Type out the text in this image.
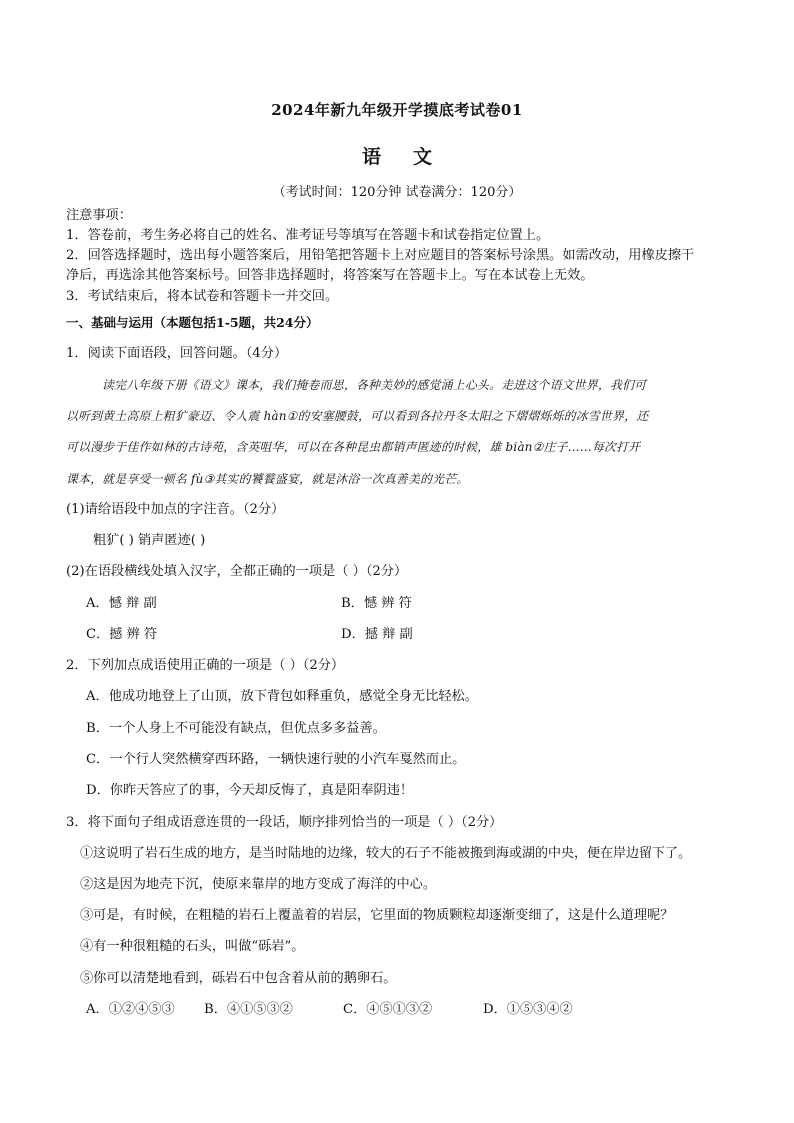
2024年新九年级开学摸底考试卷01
语文
（考试时间：120分钟 试卷满分：120分）
注意事项：
1．答卷前，考生务必将自己的姓名、准考证号等填写在答题卡和试卷指定位置上。
2．回答选择题时，选出每小题答案后，用铅笔把答题卡上对应题目的答案标号涂黑。如需改动，用橡皮擦干
净后，再选涂其他答案标号。回答非选择题时，将答案写在答题卡上。写在本试卷上无效。
3．考试结束后，将本试卷和答题卡一并交回。
一、基础与运用（本题包括1-5题，共24分）
1．阅读下面语段，回答问题。（4分）
读完八年级下册《语文》课本，我们掩卷而思，各种美妙的感觉涌上心头。走进这个语文世界，我们可
以听到黄土高原上粗犷豪迈、令人震 hàn①的安塞腰鼓，可以看到各拉丹冬太阳之下熠熠烁烁的冰雪世界，还
可以漫步于佳作如林的古诗苑，含英咀华，可以在各种昆虫都销声匿迹的时候，雄 biàn②庄子……每次打开
课本，就是享受一顿名 fù③其实的饕餮盛宴，就是沐浴一次真善美的光芒。
(1)请给语段中加点的字注音。（2分）
粗犷( ) 销声匿迹( )
(2)在语段横线处填入汉字，全都正确的一项是（ ）（2分）
A．憾 辩 副	B．憾 辨 符
C．撼 辨 符	D．撼 辩 副
2．下列加点成语使用正确的一项是（ ）（2分）
A．他成功地登上了山顶，放下背包如释重负，感觉全身无比轻松。
B．一个人身上不可能没有缺点，但优点多多益善。
C．一个行人突然横穿西环路，一辆快速行驶的小汽车戛然而止。
D．你昨天答应了的事，今天却反悔了，真是阳奉阴违！
3．将下面句子组成语意连贯的一段话，顺序排列恰当的一项是（ ）（2分）
①这说明了岩石生成的地方，是当时陆地的边缘，较大的石子不能被搬到海或湖的中央，便在岸边留下了。
②这是因为地壳下沉，使原来靠岸的地方变成了海洋的中心。
③可是，有时候，在粗糙的岩石上覆盖着的岩层，它里面的物质颗粒却逐渐变细了，这是什么道理呢？
④有一种很粗糙的石头，叫做“砾岩”。
⑤你可以清楚地看到，砾岩石中包含着从前的鹅卵石。
A．①②④⑤③ B．④①⑤③②	C．④⑤①③②	D．①⑤③④②
